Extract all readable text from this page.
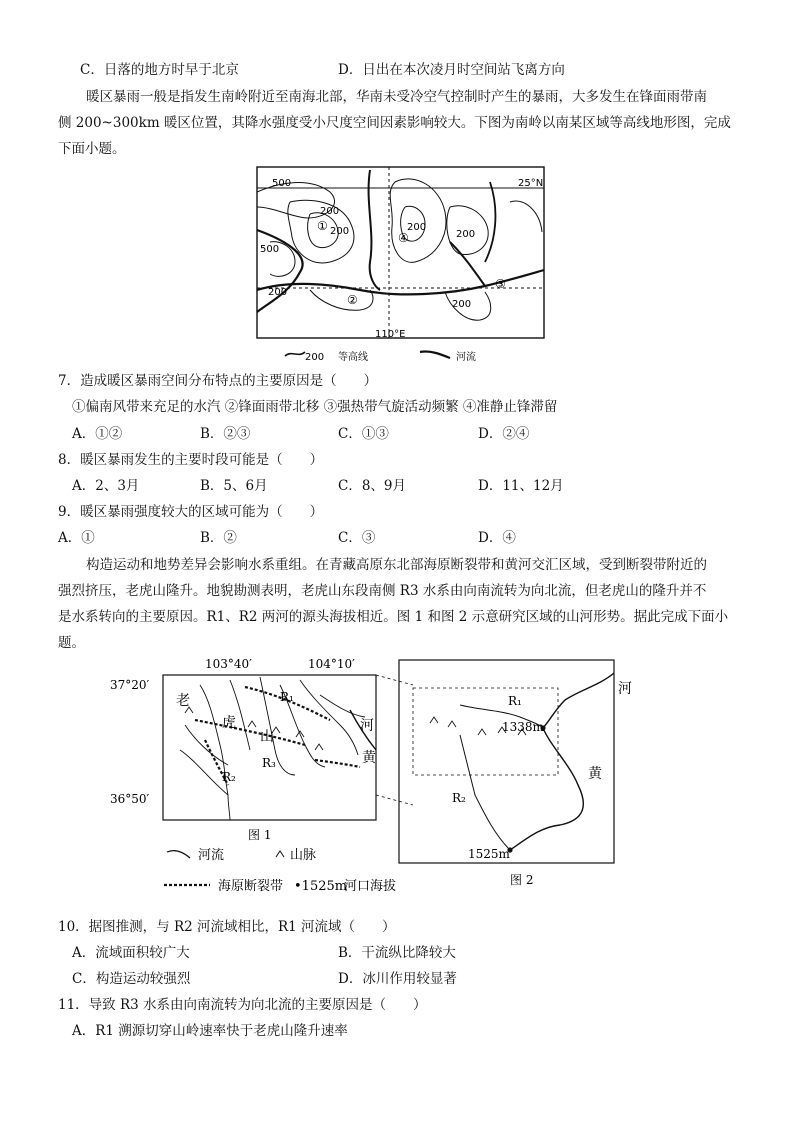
C．日落的地方时早于北京	D．日出在本次凌月时空间站飞离方向
暖区暴雨一般是指发生南岭附近至南海北部，华南未受冷空气控制时产生的暴雨，大多发生在锋面雨带南
侧 200~300km 暖区位置，其降水强度受小尺度空间因素影响较大。下图为南岭以南某区域等高线地形图，完成
下面小题。
500
500
200
200	200
200
200
200
25°N
110°E
①
②
③
④
200 等高线	河流
7．造成暖区暴雨空间分布特点的主要原因是（　　）
①偏南风带来充足的水汽 ②锋面雨带北移 ③强热带气旋活动频繁 ④准静止锋滞留
A．①②	B．②③	C．①③	D．②④
8．暖区暴雨发生的主要时段可能是（　　）
A．2、3月	B．5、6月	C．8、9月	D．11、12月
9．暖区暴雨强度较大的区域可能为（　　）
A．①	B．②	C．③	D．④
构造运动和地势差异会影响水系重组。在青藏高原东北部海原断裂带和黄河交汇区域，受到断裂带附近的
强烈挤压，老虎山隆升。地貌勘测表明，老虎山东段南侧 R3 水系由向南流转为向北流，但老虎山的隆升并不
是水系转向的主要原因。R1、R2 两河的源头海拔相近。图 1 和图 2 示意研究区域的山河形势。据此完成下面小
题。
103°40′	104°10′
37°20′
36°50′
老
虎
山
R₁
R₂
R₃
河
黄
图 1
R₁
R₂
1338m
1525m
河
黄
图 2
河流	山脉
海原断裂带 •1525m
河口海拔
10．据图推测，与 R2 河流域相比，R1 河流域（　　）
A．流域面积较广大	B．干流纵比降较大
C．构造运动较强烈	D．冰川作用较显著
11．导致 R3 水系由向南流转为向北流的主要原因是（　　）
A．R1 溯源切穿山岭速率快于老虎山隆升速率
